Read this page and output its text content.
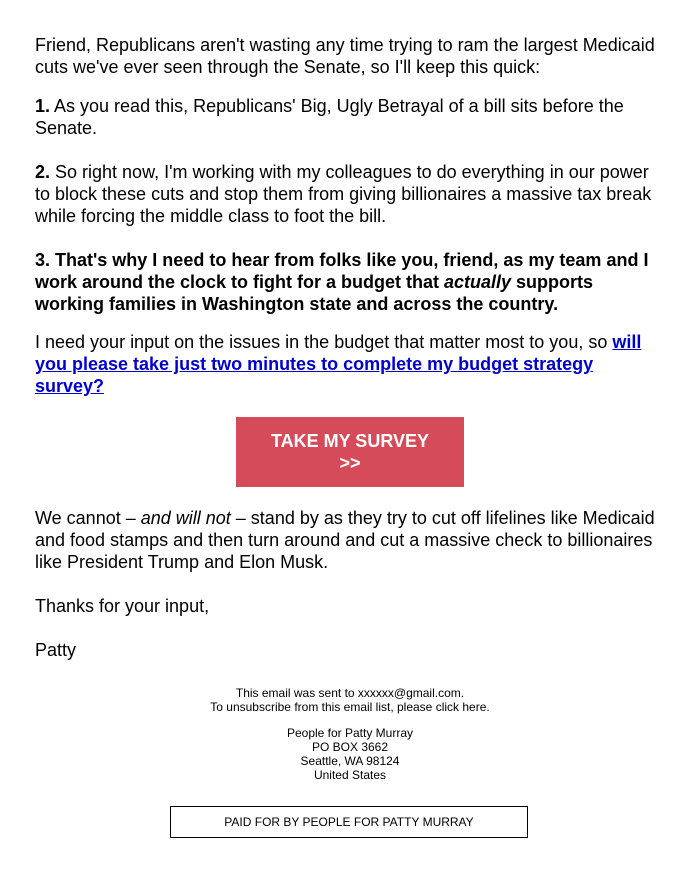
Friend, Republicans aren't wasting any time trying to ram the largest Medicaid cuts we've ever seen through the Senate, so I'll keep this quick:

1. As you read this, Republicans' Big, Ugly Betrayal of a bill sits before the Senate.

2. So right now, I'm working with my colleagues to do everything in our power to block these cuts and stop them from giving billionaires a massive tax break while forcing the middle class to foot the bill.

3. That's why I need to hear from folks like you, friend, as my team and I work around the clock to fight for a budget that actually supports working families in Washington state and across the country.

I need your input on the issues in the budget that matter most to you, so will you please take just two minutes to complete my budget strategy survey?

TAKE MY SURVEY >>

We cannot – and will not – stand by as they try to cut off lifelines like Medicaid and food stamps and then turn around and cut a massive check to billionaires like President Trump and Elon Musk.

Thanks for your input,

Patty

This email was sent to xxxxxx@gmail.com.
To unsubscribe from this email list, please click here.
People for Patty Murray
PO BOX 3662
Seattle, WA 98124
United States
PAID FOR BY PEOPLE FOR PATTY MURRAY
